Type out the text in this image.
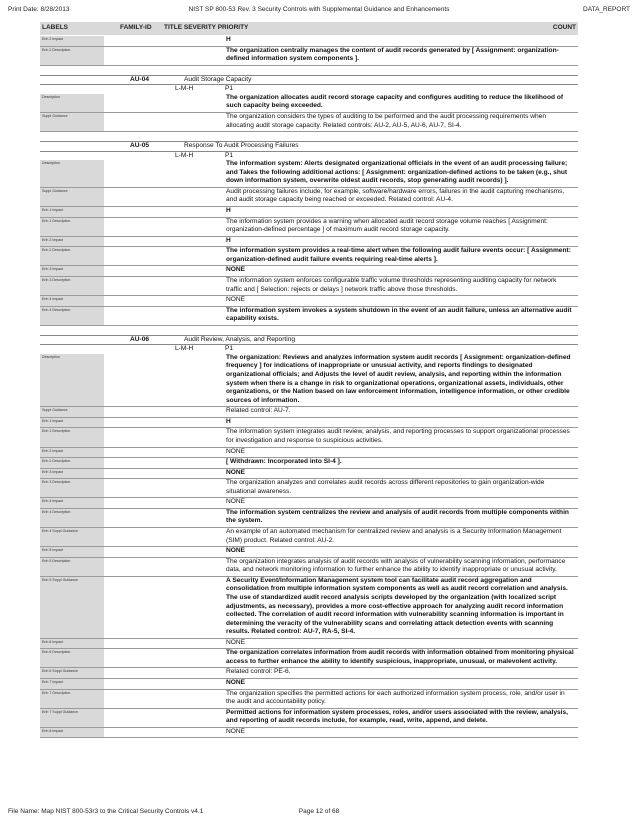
Print Date: 8/28/2013	NIST SP 800-53 Rev. 3 Security Controls with Supplemental Guidance and Enhancements	DATA_REPORT
LABELS	FAMILY-ID TITLE SEVERITY PRIORITY	COUNT
Enh 2 Impact	H
Enh 2 Description	The organization centrally manages the content of audit records generated by [ Assignment: organization-defined information system components ].
AU-04	Audit Storage Capacity
L-M-H	P1
Description	The organization allocates audit record storage capacity and configures auditing to reduce the likelihood of such capacity being exceeded.
Suppl Guidance	The organization considers the types of auditing to be performed and the audit processing requirements when allocating audit storage capacity. Related controls: AU-2, AU-5, AU-6, AU-7, SI-4.
AU-05	Response To Audit Processing Failures
L-M-H	P1
Description	The information system: Alerts designated organizational officials in the event of an audit processing failure; and Takes the following additional actions: [ Assignment: organization-defined actions to be taken (e.g., shut down information system, overwrite oldest audit records, stop generating audit records) ].
Suppl Guidance	Audit processing failures include, for example, software/hardware errors, failures in the audit capturing mechanisms, and audit storage capacity being reached or exceeded. Related control: AU-4.
Enh 1 Impact	H
Enh 1 Description	The information system provides a warning when allocated audit record storage volume reaches [ Assignment: organization-defined percentage ] of maximum audit record storage capacity.
Enh 2 Impact	H
Enh 2 Description	The information system provides a real-time alert when the following audit failure events occur: [ Assignment: organization-defined audit failure events requiring real-time alerts ].
Enh 3 Impact	NONE
Enh 3 Description	The information system enforces configurable traffic volume thresholds representing auditing capacity for network traffic and [ Selection: rejects or delays ] network traffic above those thresholds.
Enh 4 Impact	NONE
Enh 4 Description	The information system invokes a system shutdown in the event of an audit failure, unless an alternative audit capability exists.
AU-06	Audit Review, Analysis, and Reporting
L-M-H	P1
Description	The organization: Reviews and analyzes information system audit records [ Assignment: organization-defined frequency ] for indications of inappropriate or unusual activity, and reports findings to designated organizational officials; and Adjusts the level of audit review, analysis, and reporting within the information system when there is a change in risk to organizational operations, organizational assets, individuals, other organizations, or the Nation based on law enforcement information, intelligence information, or other credible sources of information.
Suppl Guidance	Related control: AU-7.
Enh 1 Impact	H
Enh 1 Description	The information system integrates audit review, analysis, and reporting processes to support organizational processes for investigation and response to suspicious activities.
Enh 2 Impact	NONE
Enh 2 Description	[ Withdrawn: Incorporated into SI-4 ].
Enh 3 Impact	NONE
Enh 3 Description	The organization analyzes and correlates audit records across different repositories to gain organization-wide situational awareness.
Enh 4 Impact	NONE
Enh 4 Description	The information system centralizes the review and analysis of audit records from multiple components within the system.
Enh 4 Suppl Guidance	An example of an automated mechanism for centralized review and analysis is a Security Information Management (SIM) product. Related control: AU-2.
Enh 5 Impact	NONE
Enh 5 Description	The organization integrates analysis of audit records with analysis of vulnerability scanning information, performance data, and network monitoring information to further enhance the ability to identify inappropriate or unusual activity.
Enh 5 Suppl Guidance	A Security Event/Information Management system tool can facilitate audit record aggregation and consolidation from multiple information system components as well as audit record correlation and analysis. The use of standardized audit record analysis scripts developed by the organization (with localized script adjustments, as necessary), provides a more cost-effective approach for analyzing audit record information collected. The correlation of audit record information with vulnerability scanning information is important in determining the veracity of the vulnerability scans and correlating attack detection events with scanning results. Related control: AU-7, RA-5, SI-4.
Enh 6 Impact	NONE
Enh 6 Description	The organization correlates information from audit records with information obtained from monitoring physical access to further enhance the ability to identify suspicious, inappropriate, unusual, or malevolent activity.
Enh 6 Suppl Guidance	Related control: PE-6.
Enh 7 Impact	NONE
Enh 7 Description	The organization specifies the permitted actions for each authorized information system process, role, and/or user in the audit and accountability policy.
Enh 7 Suppl Guidance	Permitted actions for information system processes, roles, and/or users associated with the review, analysis, and reporting of audit records include, for example, read, write, append, and delete.
Enh 8 Impact	NONE
File Name: Map NIST 800-53r3 to the Critical Security Controls v4.1	Page 12 of 68
